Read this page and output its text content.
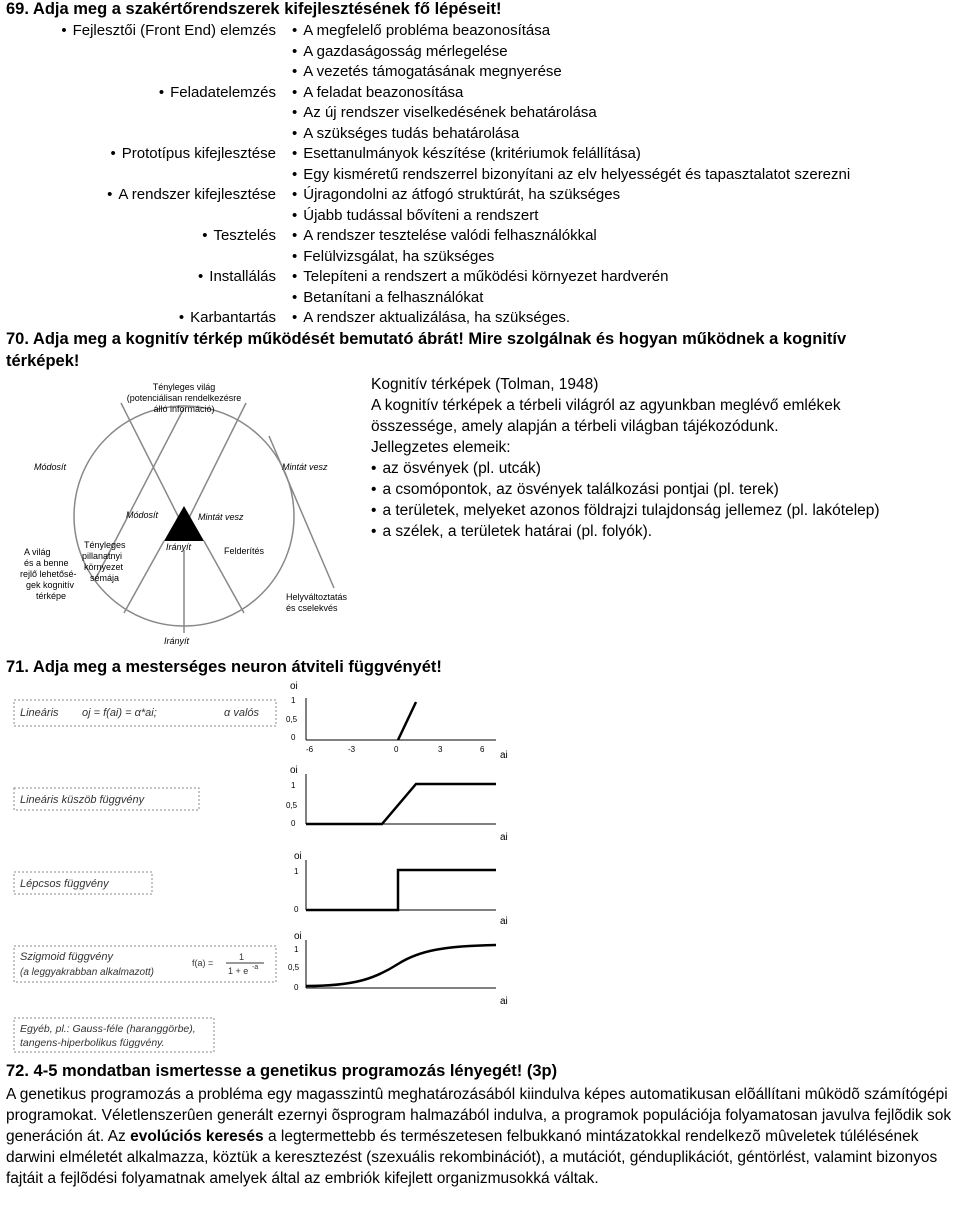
69. Adja meg a szakértőrendszerek kifejlesztésének fő lépéseit!
• Fejlesztői (Front End) elemzés	• A megfelelő probléma beazonosítása
• A gazdaságosság mérlegelése
• A vezetés támogatásának megnyerése
• Feladatelemzés	• A feladat beazonosítása
• Az új rendszer viselkedésének behatárolása
• A szükséges tudás behatárolása
• Prototípus kifejlesztése	• Esettanulmányok készítése (kritériumok felállítása)
• Egy kisméretű rendszerrel bizonyítani az elv helyességét és tapasztalatot szerezni
• A rendszer kifejlesztése	• Újragondolni az átfogó struktúrát, ha szükséges
• Újabb tudással bővíteni a rendszert
• Tesztelés	• A rendszer tesztelése valódi felhasználókkal
• Felülvizsgálat, ha szükséges
• Installálás	• Telepíteni a rendszert a működési környezet hardverén
• Betanítani a felhasználókat
• Karbantartás	• A rendszer aktualizálása, ha szükséges.
70. Adja meg a kognitív térkép működését bemutató ábrát! Mire szolgálnak és hogyan működnek a kognitív
térképek!
Tényleges világ
(potenciálisan rendelkezésre
álló információ)
Módosít	Mintát vesz
Módosít	Mintát vesz
A világ
és a benne
rejlő lehetősé-
gek kognitív
térképe
Tényleges
pillanatnyi
környezet
sémája
Irányít	Felderítés
Helyváltoztatás
és cselekvés
Irányít
Kognitív térképek (Tolman, 1948)
A kognitív térképek a térbeli világról az agyunkban meglévő emlékek
összessége, amely alapján a térbeli világban tájékozódunk.
Jellegzetes elemeik:
• az ösvények (pl. utcák)
• a csomópontok, az ösvények találkozási pontjai (pl. terek)
• a területek, melyeket azonos földrajzi tulajdonság jellemez (pl. lakótelep)
• a szélek, a területek határai (pl. folyók).
71. Adja meg a mesterséges neuron átviteli függvényét!
Lineáris oj = f(ai) = α*ai;	α valós
oi
1
0,5
0
-6	-3	0	3	6
ai
Lineáris küszöb függvény
oi
1
0,5
0
ai
Lépcsos függvény
oi
1
0
ai
Szigmoid függvény
(a leggyakrabban alkalmazott)
f(a) =
1
1 + e -a
oi
1
0,5
0
ai
Egyéb, pl.: Gauss-féle (haranggörbe),
tangens-hiperbolikus függvény.
72. 4-5 mondatban ismertesse a genetikus programozás lényegét! (3p)
A genetikus programozás a probléma egy magasszintû meghatározásából kiindulva képes automatikusan elõállítani mûködõ számítógépi programokat. Véletlenszerûen generált ezernyi õsprogram halmazából indulva, a programok populációja folyamatosan javulva fejlõdik sok generáción át. Az evolúciós keresés a legtermettebb és természetesen felbukkanó mintázatokkal rendelkezõ mûveletek túlélésének darwini elméletét alkalmazza, köztük a keresztezést (szexuális rekombinációt), a mutációt, génduplikációt, géntörlést, valamint bizonyos fajtáit a fejlõdési folyamatnak amelyek által az embriók kifejlett organizmusokká váltak.
